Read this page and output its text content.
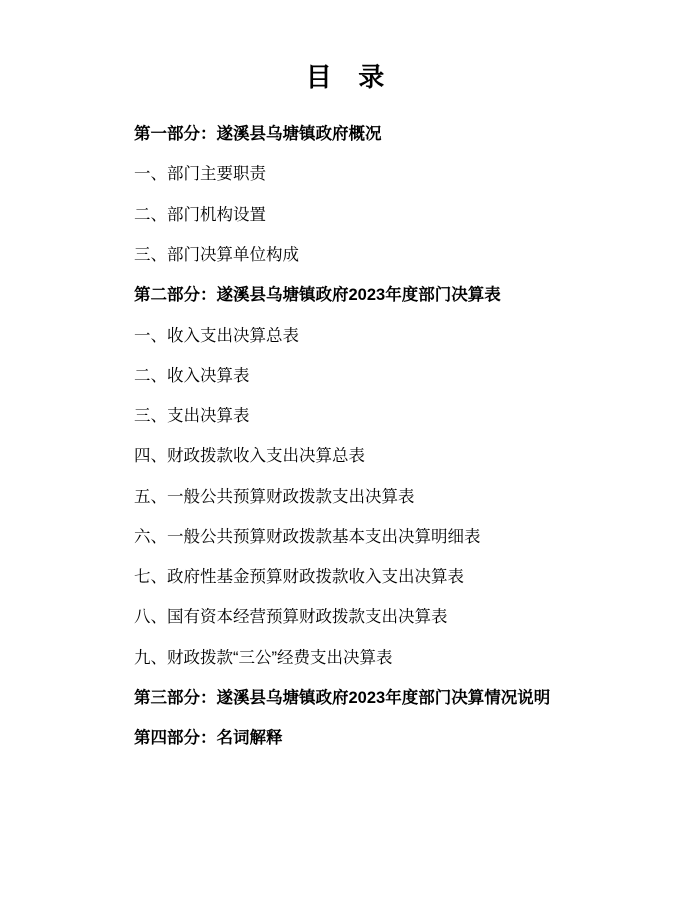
目 录
第一部分：遂溪县乌塘镇政府概况
一、部门主要职责
二、部门机构设置
三、部门决算单位构成
第二部分：遂溪县乌塘镇政府2023年度部门决算表
一、收入支出决算总表
二、收入决算表
三、支出决算表
四、财政拨款收入支出决算总表
五、一般公共预算财政拨款支出决算表
六、一般公共预算财政拨款基本支出决算明细表
七、政府性基金预算财政拨款收入支出决算表
八、国有资本经营预算财政拨款支出决算表
九、财政拨款“三公”经费支出决算表
第三部分：遂溪县乌塘镇政府2023年度部门决算情况说明
第四部分：名词解释
